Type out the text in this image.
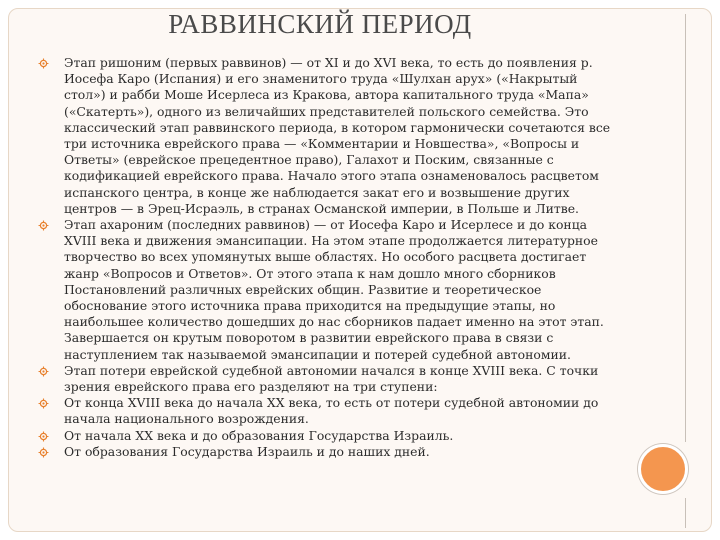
РАВВИНСКИЙ ПЕРИОД
Этап ришоним (первых раввинов) — от XI и до XVI века, то есть до появления р. Иосефа Каро (Испания) и его знаменитого труда «Шулхан арух» («Накрытый стол») и рабби Моше Исерлеса из Кракова, автора капитального труда «Мапа» («Скатерть»), одного из величайших представителей польского семейства. Это классический этап раввинского периода, в котором гармонически сочетаются все три источника еврейского права — «Комментарии и Новшества», «Вопросы и Ответы» (еврейское прецедентное право), Галахот и Поским, связанные с кодификацией еврейского права. Начало этого этапа ознаменовалось расцветом испанского центра, в конце же наблюдается закат его и возвышение других центров — в Эрец-Исраэль, в странах Османской империи, в Польше и Литве.
Этап ахароним (последних раввинов) — от Иосефа Каро и Исерлесе и до конца XVIII века и движения эмансипации. На этом этапе продолжается литературное творчество во всех упомянутых выше областях. Но особого расцвета достигает жанр «Вопросов и Ответов». От этого этапа к нам дошло много сборников Постановлений различных еврейских общин. Развитие и теоретическое обоснование этого источника права приходится на предыдущие этапы, но наибольшее количество дошедших до нас сборников падает именно на этот этап. Завершается он крутым поворотом в развитии еврейского права в связи с наступлением так называемой эмансипации и потерей судебной автономии.
Этап потери еврейской судебной автономии начался в конце XVIII века. С точки зрения еврейского права его разделяют на три ступени:
От конца XVIII века до начала XX века, то есть от потери судебной автономии до начала национального возрождения.
От начала XX века и до образования Государства Израиль.
От образования Государства Израиль и до наших дней.
